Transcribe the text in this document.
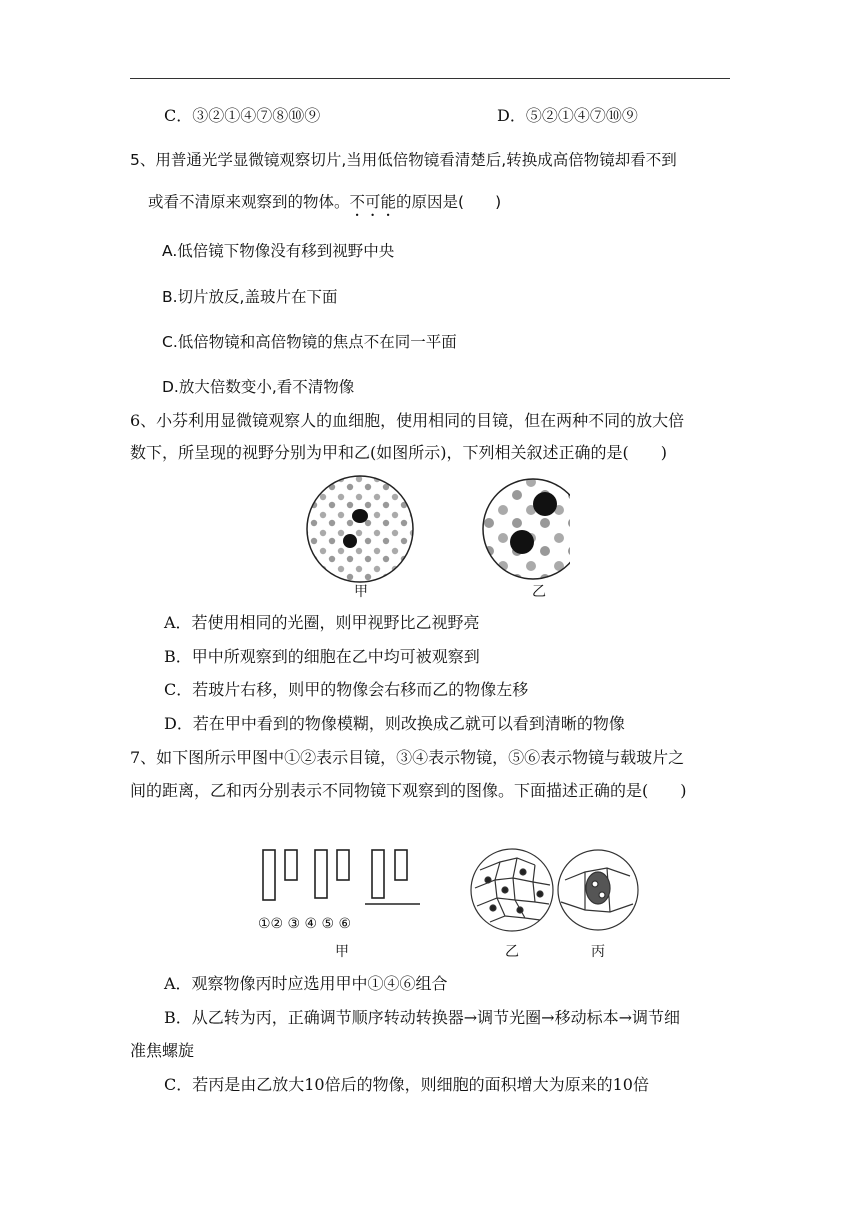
C．③②①④⑦⑧⑩⑨	D．⑤②①④⑦⑩⑨
5、用普通光学显微镜观察切片,当用低倍物镜看清楚后,转换成高倍物镜却看不到
或看不清原来观察到的物体。不可能的原因是(　　)
A.低倍镜下物像没有移到视野中央
B.切片放反,盖玻片在下面
C.低倍物镜和高倍物镜的焦点不在同一平面
D.放大倍数变小,看不清物像
6、小芬利用显微镜观察人的血细胞，使用相同的目镜，但在两种不同的放大倍
数下，所呈现的视野分别为甲和乙(如图所示)，下列相关叙述正确的是(　　)
甲	乙
A．若使用相同的光圈，则甲视野比乙视野亮
B．甲中所观察到的细胞在乙中均可被观察到
C．若玻片右移，则甲的物像会右移而乙的物像左移
D．若在甲中看到的物像模糊，则改换成乙就可以看到清晰的物像
7、如下图所示甲图中①②表示目镜，③④表示物镜，⑤⑥表示物镜与载玻片之
间的距离，乙和丙分别表示不同物镜下观察到的图像。下面描述正确的是(　　)
①② ③ ④ ⑤ ⑥
甲	乙	丙
A．观察物像丙时应选用甲中①④⑥组合
B．从乙转为丙，正确调节顺序转动转换器→调节光圈→移动标本→调节细
准焦螺旋
C．若丙是由乙放大10倍后的物像，则细胞的面积增大为原来的10倍
